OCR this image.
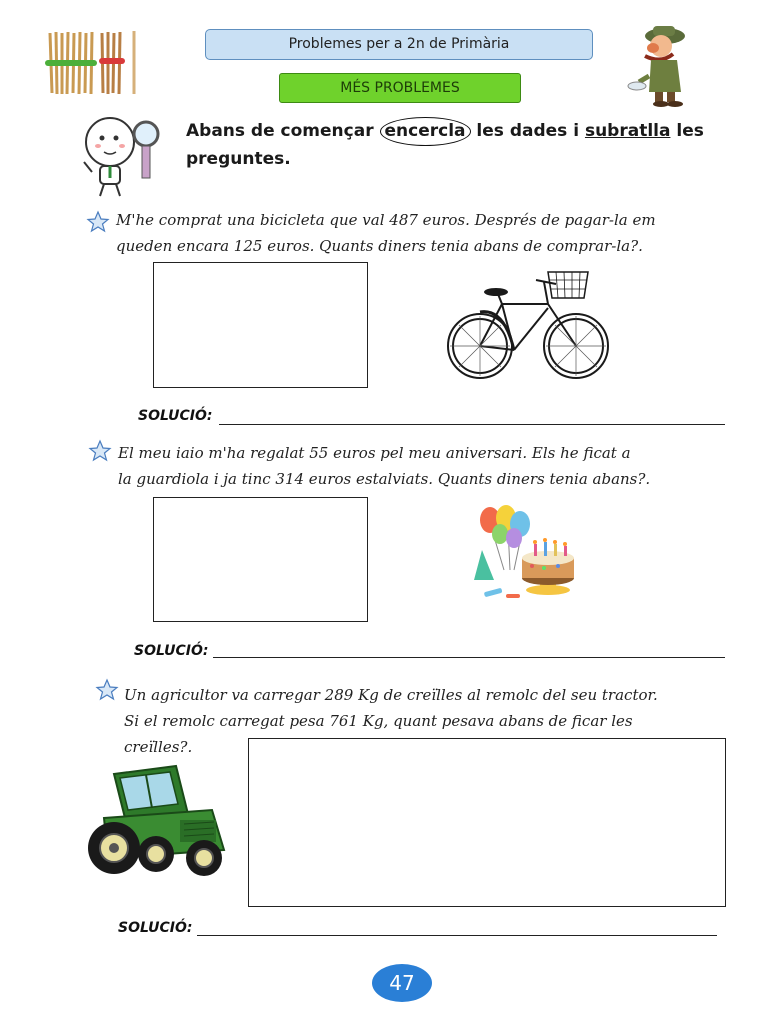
Problemes per a 2n de Primària
MÉS PROBLEMES
Abans de començar encercla les dades i subratlla les preguntes.
M'he comprat una bicicleta que val 487 euros. Després de pagar-la em
queden encara 125 euros. Quants diners tenia abans de comprar-la?.
SOLUCIÓ:
El meu iaio m'ha regalat 55 euros pel meu aniversari. Els he ficat a
la guardiola i ja tinc 314 euros estalviats. Quants diners tenia abans?.
SOLUCIÓ:
Un agricultor va carregar 289 Kg de creïlles al remolc del seu tractor.
Si el remolc carregat pesa 761 Kg, quant pesava abans de ficar les
creïlles?.
SOLUCIÓ:
47
